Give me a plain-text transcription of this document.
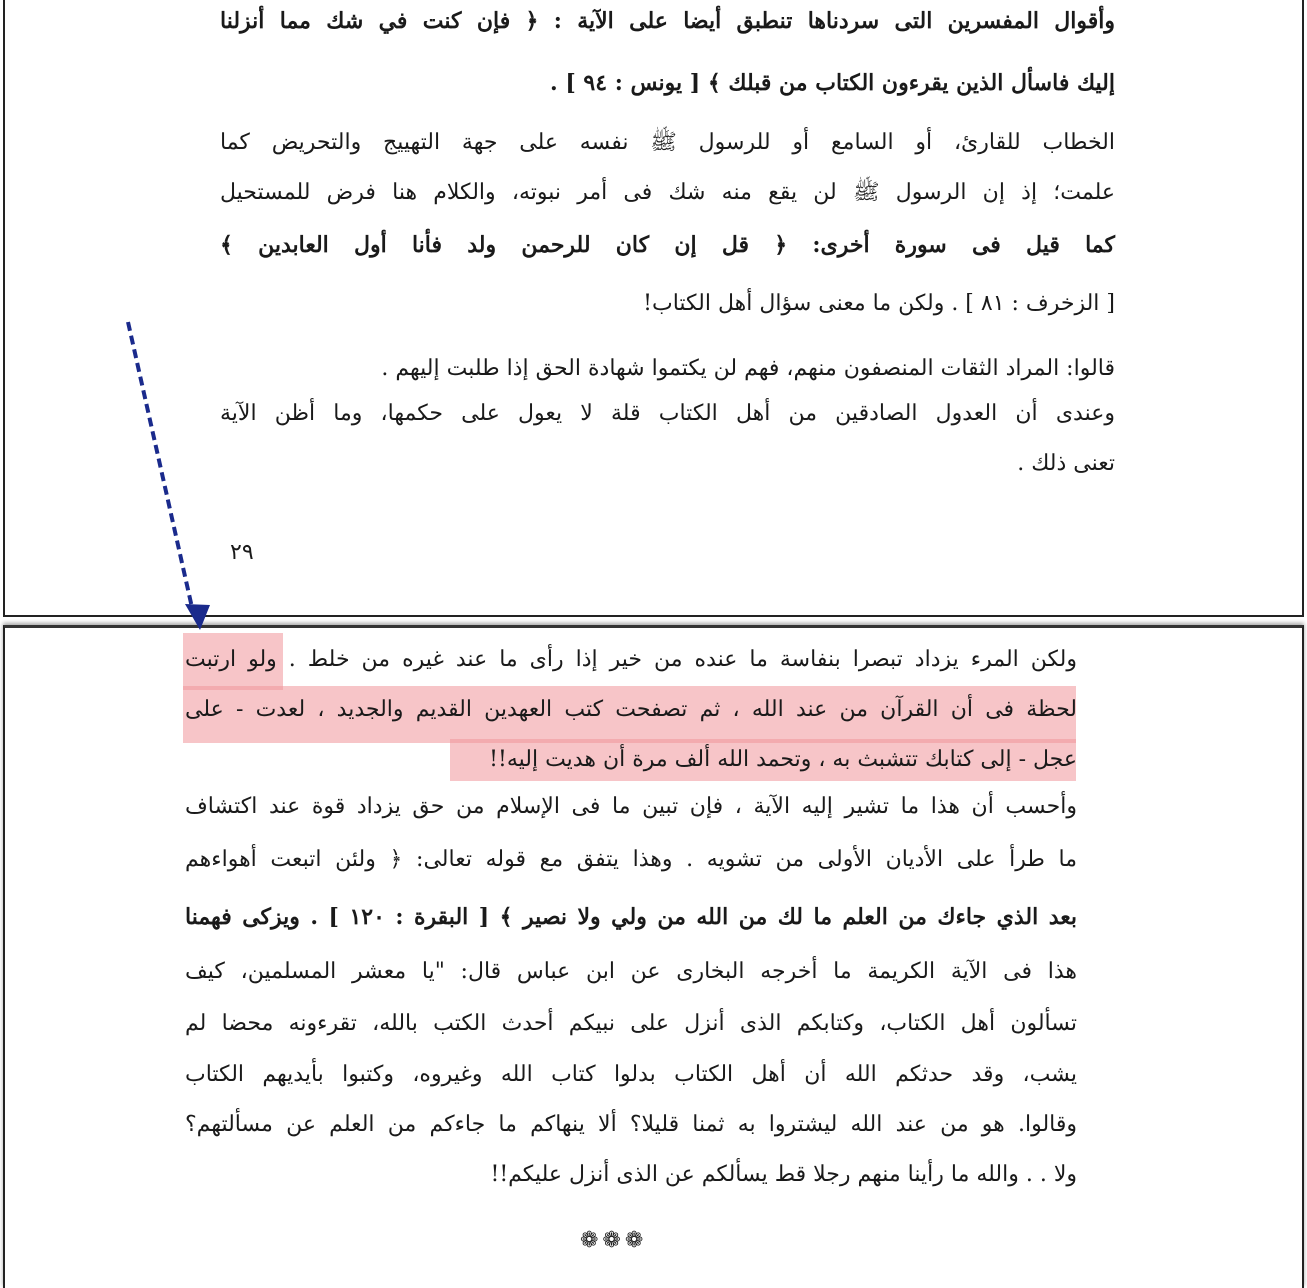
وأقوال المفسرين التى سردناها تنطبق أيضا على الآية : ﴿ فإن كنت في شك مما أنزلنا
إليك فاسأل الذين يقرءون الكتاب من قبلك ﴾ [ يونس : ٩٤ ] .
الخطاب للقارئ، أو السامع أو للرسول ﷺ نفسه على جهة التهييج والتحريض كما
علمت؛ إذ إن الرسول ﷺ لن يقع منه شك فى أمر نبوته، والكلام هنا فرض للمستحيل
كما قيل فى سورة أخرى: ﴿ قل إن كان للرحمن ولد فأنا أول العابدين ﴾
[ الزخرف : ٨١ ] . ولكن ما معنى سؤال أهل الكتاب!
قالوا: المراد الثقات المنصفون منهم، فهم لن يكتموا شهادة الحق إذا طلبت إليهم .
وعندى أن العدول الصادقين من أهل الكتاب قلة لا يعول على حكمها، وما أظن الآية
تعنى ذلك .
٢٩
ولكن المرء يزداد تبصرا بنفاسة ما عنده من خير إذا رأى ما عند غيره من خلط . ولو ارتبت
لحظة فى أن القرآن من عند الله ، ثم تصفحت كتب العهدين القديم والجديد ، لعدت - على
عجل - إلى كتابك تتشبث به ، وتحمد الله ألف مرة أن هديت إليه!!
وأحسب أن هذا ما تشير إليه الآية ، فإن تبين ما فى الإسلام من حق يزداد قوة عند اكتشاف
ما طرأ على الأديان الأولى من تشويه . وهذا يتفق مع قوله تعالى: ﴿ ولئن اتبعت أهواءهم
بعد الذي جاءك من العلم ما لك من الله من ولي ولا نصير ﴾ [ البقرة : ١٢٠ ] . ويزكى فهمنا
هذا فى الآية الكريمة ما أخرجه البخارى عن ابن عباس قال: "يا معشر المسلمين، كيف
تسألون أهل الكتاب، وكتابكم الذى أنزل على نبيكم أحدث الكتب بالله، تقرءونه محضا لم
يشب، وقد حدثكم الله أن أهل الكتاب بدلوا كتاب الله وغيروه، وكتبوا بأيديهم الكتاب
وقالوا. هو من عند الله ليشتروا به ثمنا قليلا؟ ألا ينهاكم ما جاءكم من العلم عن مسألتهم؟
ولا . . والله ما رأينا منهم رجلا قط يسألكم عن الذى أنزل عليكم!!
❁❁❁
